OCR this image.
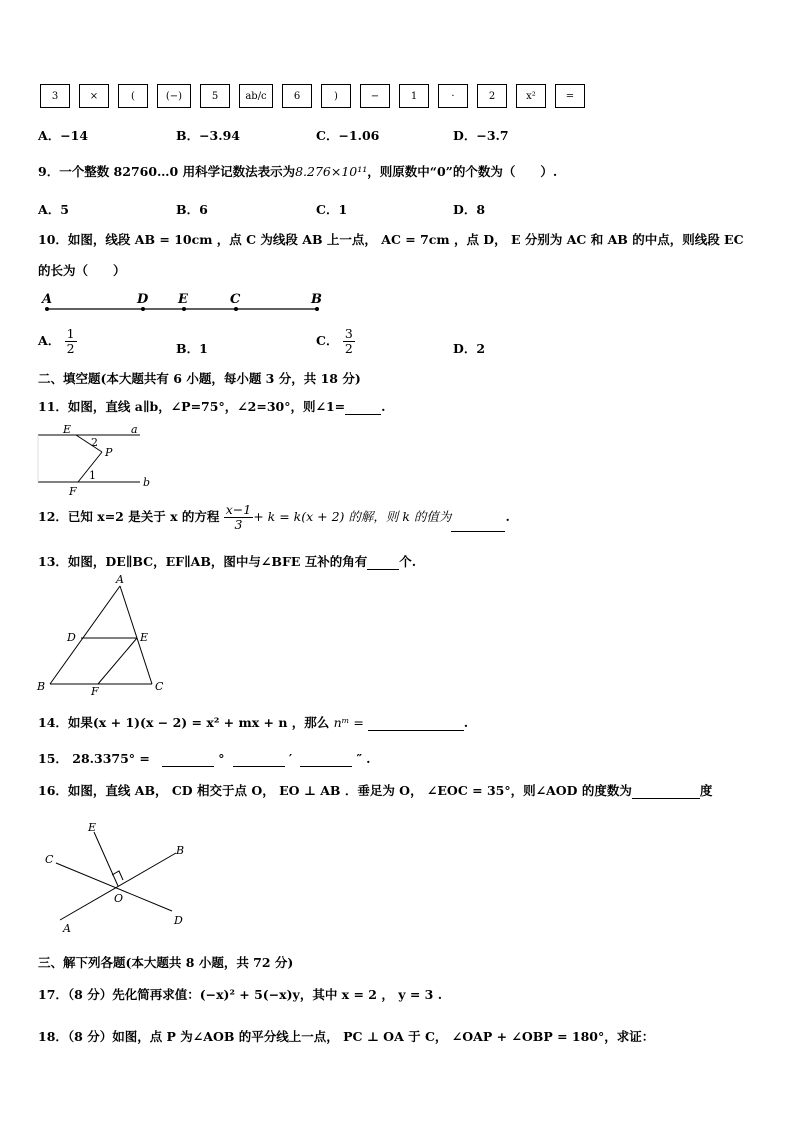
3	×	(	(−)	5	ab/c	6	)	−	1	·	2	x²	=
A．−14	B．−3.94	C．−1.06	D．−3.7
9．一个整数 82760…0 用科学记数法表示为8.276×10¹¹，则原数中“0”的个数为（　　）.
A．5	B．6	C．1	D．8
10．如图，线段 AB = 10cm ，点 C 为线段 AB 上一点， AC = 7cm ，点 D， E 分别为 AC 和 AB 的中点，则线段 EC
的长为（　　）
A	D E	C	B
A． $\frac{1}{2}$	B．1
C． $\frac{3}{2}$	D．2
二、填空题(本大题共有 6 小题，每小题 3 分，共 18 分)
11．如图，直线 a∥b，∠P=75°，∠2=30°，则∠1=	.
E	a
2
P
1
F
b
12．已知 x=2 是关于 x 的方程 $\frac{x-1}{3} + k = k(x + 2)$ 的解，则 k 的值为	.
13．如图，DE∥BC，EF∥AB，图中与∠BFE 互补的角有	个.
A
D	E
B	F	C
14．如果(x + 1)(x − 2) = x² + mx + n ，那么 nᵐ =	.
15． 28.3375° =	°	′	″ .
16．如图，直线 AB， CD 相交于点 O， EO ⊥ AB ．垂足为 O， ∠EOC = 35°，则∠AOD 的度数为	度
E
C
B
O
A
D
三、解下列各题(本大题共 8 小题，共 72 分)
17．（8 分）先化简再求值：(−x)² + 5(−x)y，其中 x = 2 ， y = 3 .
18．（8 分）如图，点 P 为∠AOB 的平分线上一点， PC ⊥ OA 于 C， ∠OAP + ∠OBP = 180°，求证：
